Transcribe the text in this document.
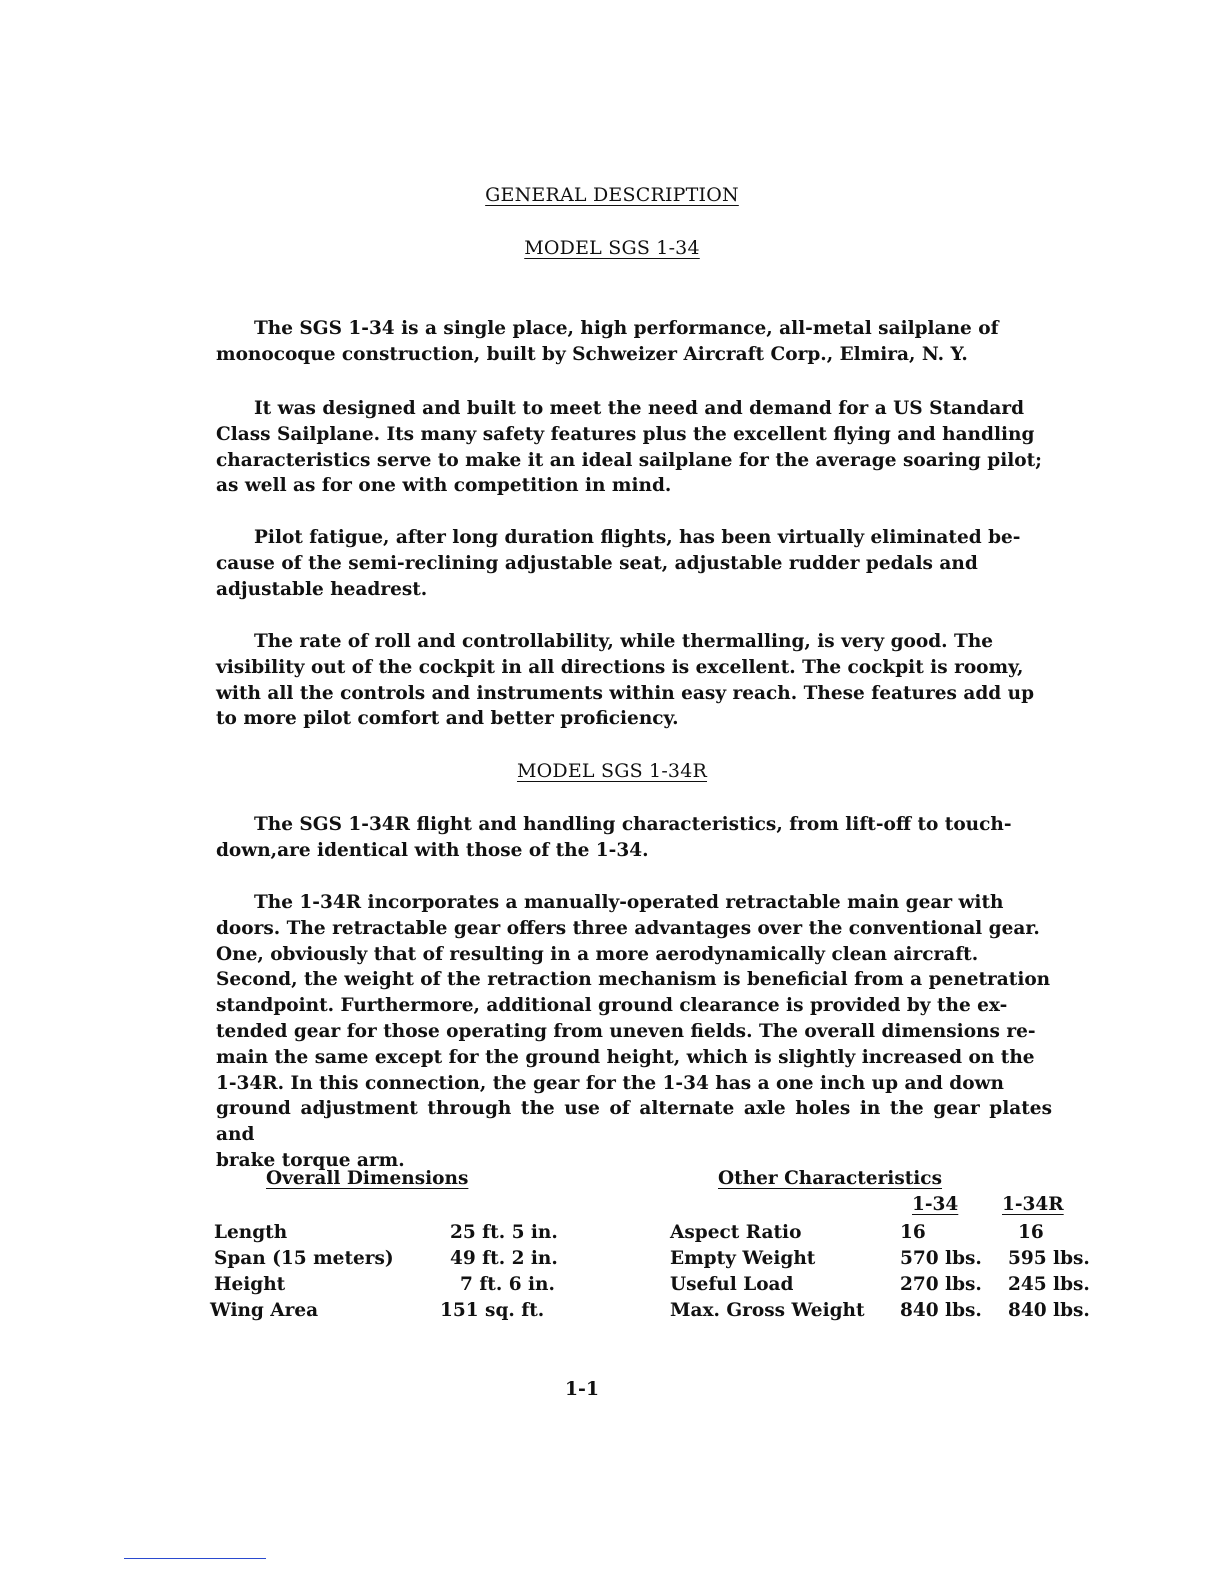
GENERAL DESCRIPTION
MODEL SGS 1-34

The SGS 1-34 is a single place, high performance, all-metal sailplane of
monocoque construction, built by Schweizer Aircraft Corp., Elmira, N. Y.

It was designed and built to meet the need and demand for a US Standard
Class Sailplane. Its many safety features plus the excellent flying and handling
characteristics serve to make it an ideal sailplane for the average soaring pilot;
as well as for one with competition in mind.

Pilot fatigue, after long duration flights, has been virtually eliminated be-
cause of the semi-reclining adjustable seat, adjustable rudder pedals and
adjustable headrest.

The rate of roll and controllability, while thermalling, is very good. The
visibility out of the cockpit in all directions is excellent. The cockpit is roomy,
with all the controls and instruments within easy reach. These features add up
to more pilot comfort and better proficiency.

MODEL SGS 1-34R

The SGS 1-34R flight and handling characteristics, from lift-off to touch-
down,are identical with those of the 1-34.

The 1-34R incorporates a manually-operated retractable main gear with
doors. The retractable gear offers three advantages over the conventional gear.
One, obviously that of resulting in a more aerodynamically clean aircraft.
Second, the weight of the retraction mechanism is beneficial from a penetration
standpoint. Furthermore, additional ground clearance is provided by the ex-
tended gear for those operating from uneven fields. The overall dimensions re-
main the same except for the ground height, which is slightly increased on the
1-34R. In this connection, the gear for the 1-34 has a one inch up and down
ground adjustment through the use of alternate axle holes in the gear plates and
brake torque arm.

Overall Dimensions
Length	25 ft. 5 in.
Span (15 meters)	49 ft. 2 in.
Height	7 ft. 6 in.
Wing Area	151 sq. ft.
Other Characteristics
1-34 1-34R
Aspect Ratio	16	16
Empty Weight	570 lbs. 595 lbs.
Useful Load	270 lbs. 245 lbs.
Max. Gross Weight 840 lbs. 840 lbs.
1-1
